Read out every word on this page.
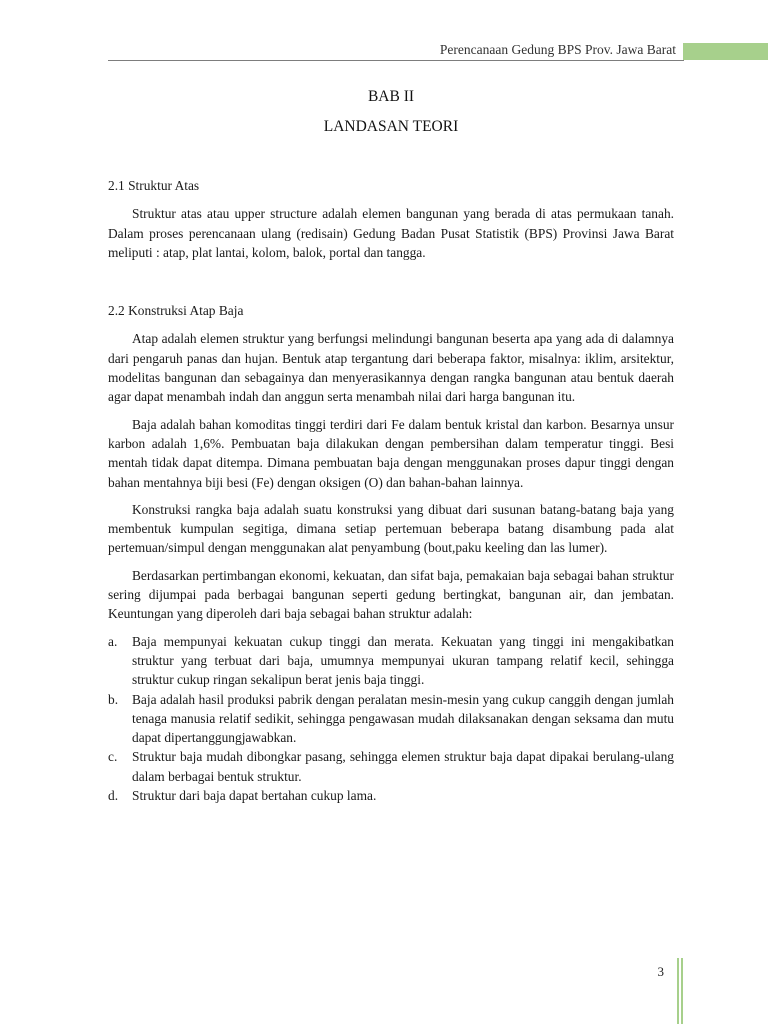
Perencanaan Gedung BPS Prov. Jawa Barat
BAB II
LANDASAN TEORI

2.1 Struktur Atas

Struktur atas atau upper structure adalah elemen bangunan yang berada di atas permukaan tanah. Dalam proses perencanaan ulang (redisain) Gedung Badan Pusat Statistik (BPS) Provinsi Jawa Barat meliputi : atap, plat lantai, kolom, balok, portal dan tangga.

2.2 Konstruksi Atap Baja

Atap adalah elemen struktur yang berfungsi melindungi bangunan beserta apa yang ada di dalamnya dari pengaruh panas dan hujan. Bentuk atap tergantung dari beberapa faktor, misalnya: iklim, arsitektur, modelitas bangunan dan sebagainya dan menyerasikannya dengan rangka bangunan atau bentuk daerah agar dapat menambah indah dan anggun serta menambah nilai dari harga bangunan itu.

Baja adalah bahan komoditas tinggi terdiri dari Fe dalam bentuk kristal dan karbon. Besarnya unsur karbon adalah 1,6%. Pembuatan baja dilakukan dengan pembersihan dalam temperatur tinggi. Besi mentah tidak dapat ditempa. Dimana pembuatan baja dengan menggunakan proses dapur tinggi dengan bahan mentahnya biji besi (Fe) dengan oksigen (O) dan bahan-bahan lainnya.

Konstruksi rangka baja adalah suatu konstruksi yang dibuat dari susunan batang-batang baja yang membentuk kumpulan segitiga, dimana setiap pertemuan beberapa batang disambung pada alat pertemuan/simpul dengan menggunakan alat penyambung (bout,paku keeling dan las lumer).

Berdasarkan pertimbangan ekonomi, kekuatan, dan sifat baja, pemakaian baja sebagai bahan struktur sering dijumpai pada berbagai bangunan seperti gedung bertingkat, bangunan air, dan jembatan. Keuntungan yang diperoleh dari baja sebagai bahan struktur adalah:

a. Baja mempunyai kekuatan cukup tinggi dan merata. Kekuatan yang tinggi ini mengakibatkan struktur yang terbuat dari baja, umumnya mempunyai ukuran tampang relatif kecil, sehingga struktur cukup ringan sekalipun berat jenis baja tinggi.
b. Baja adalah hasil produksi pabrik dengan peralatan mesin-mesin yang cukup canggih dengan jumlah tenaga manusia relatif sedikit, sehingga pengawasan mudah dilaksanakan dengan seksama dan mutu dapat dipertanggungjawabkan.
c. Struktur baja mudah dibongkar pasang, sehingga elemen struktur baja dapat dipakai berulang-ulang dalam berbagai bentuk struktur.
d. Struktur dari baja dapat bertahan cukup lama.
3
